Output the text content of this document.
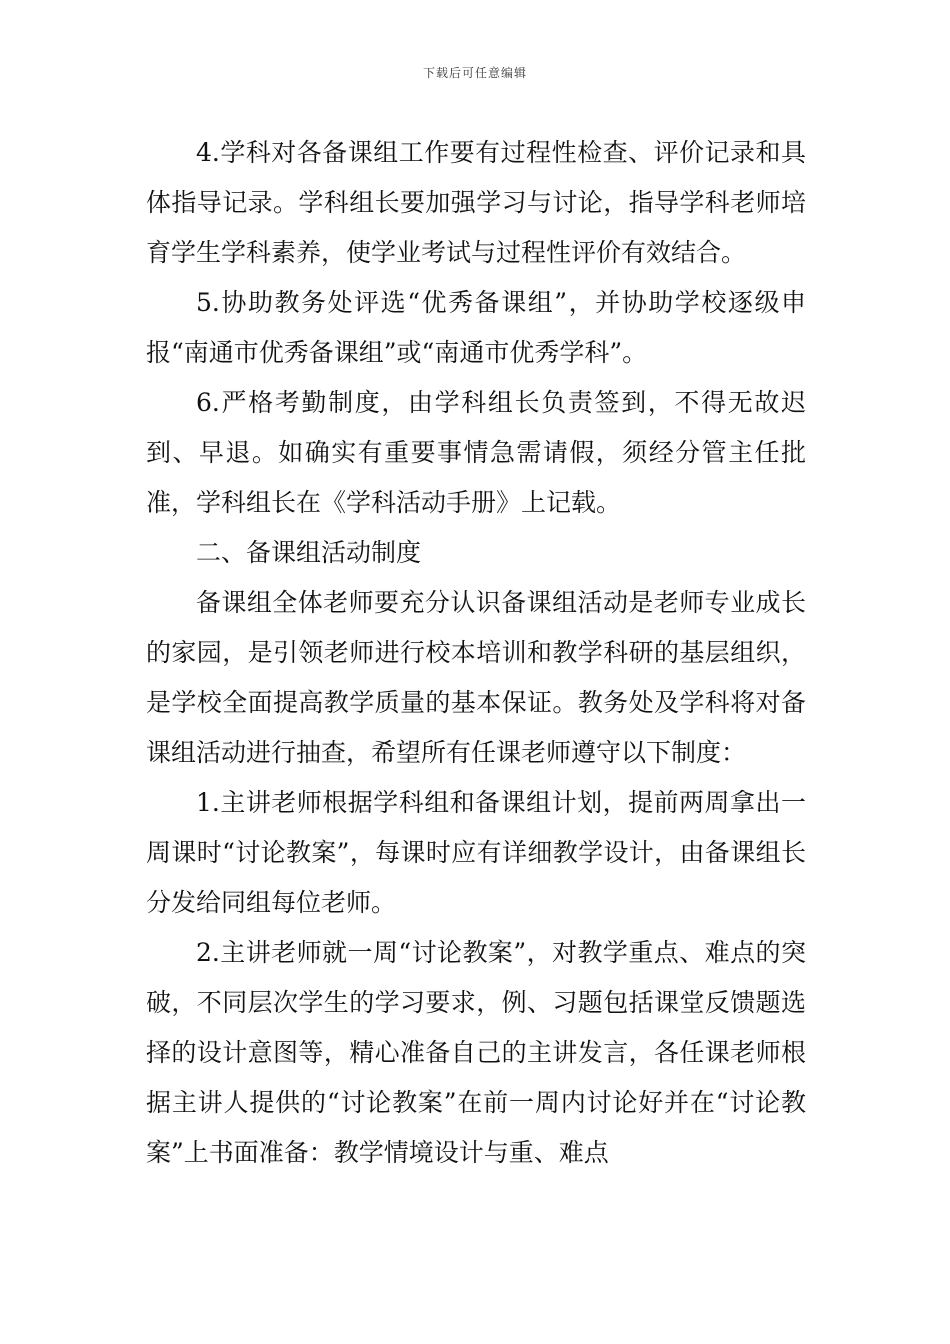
下载后可任意编辑

4.学科对各备课组工作要有过程性检查、评价记录和具体指导记录。学科组长要加强学习与讨论，指导学科老师培育学生学科素养，使学业考试与过程性评价有效结合。

5.协助教务处评选“优秀备课组”，并协助学校逐级申报“南通市优秀备课组”或“南通市优秀学科”。

6.严格考勤制度，由学科组长负责签到，不得无故迟到、早退。如确实有重要事情急需请假，须经分管主任批准，学科组长在《学科活动手册》上记载。

二、备课组活动制度

备课组全体老师要充分认识备课组活动是老师专业成长的家园，是引领老师进行校本培训和教学科研的基层组织，是学校全面提高教学质量的基本保证。教务处及学科将对备课组活动进行抽查，希望所有任课老师遵守以下制度：

1.主讲老师根据学科组和备课组计划，提前两周拿出一周课时“讨论教案”，每课时应有详细教学设计，由备课组长分发给同组每位老师。

2.主讲老师就一周“讨论教案”，对教学重点、难点的突破，不同层次学生的学习要求，例、习题包括课堂反馈题选择的设计意图等，精心准备自己的主讲发言，各任课老师根据主讲人提供的“讨论教案”在前一周内讨论好并在“讨论教案”上书面准备：教学情境设计与重、难点
